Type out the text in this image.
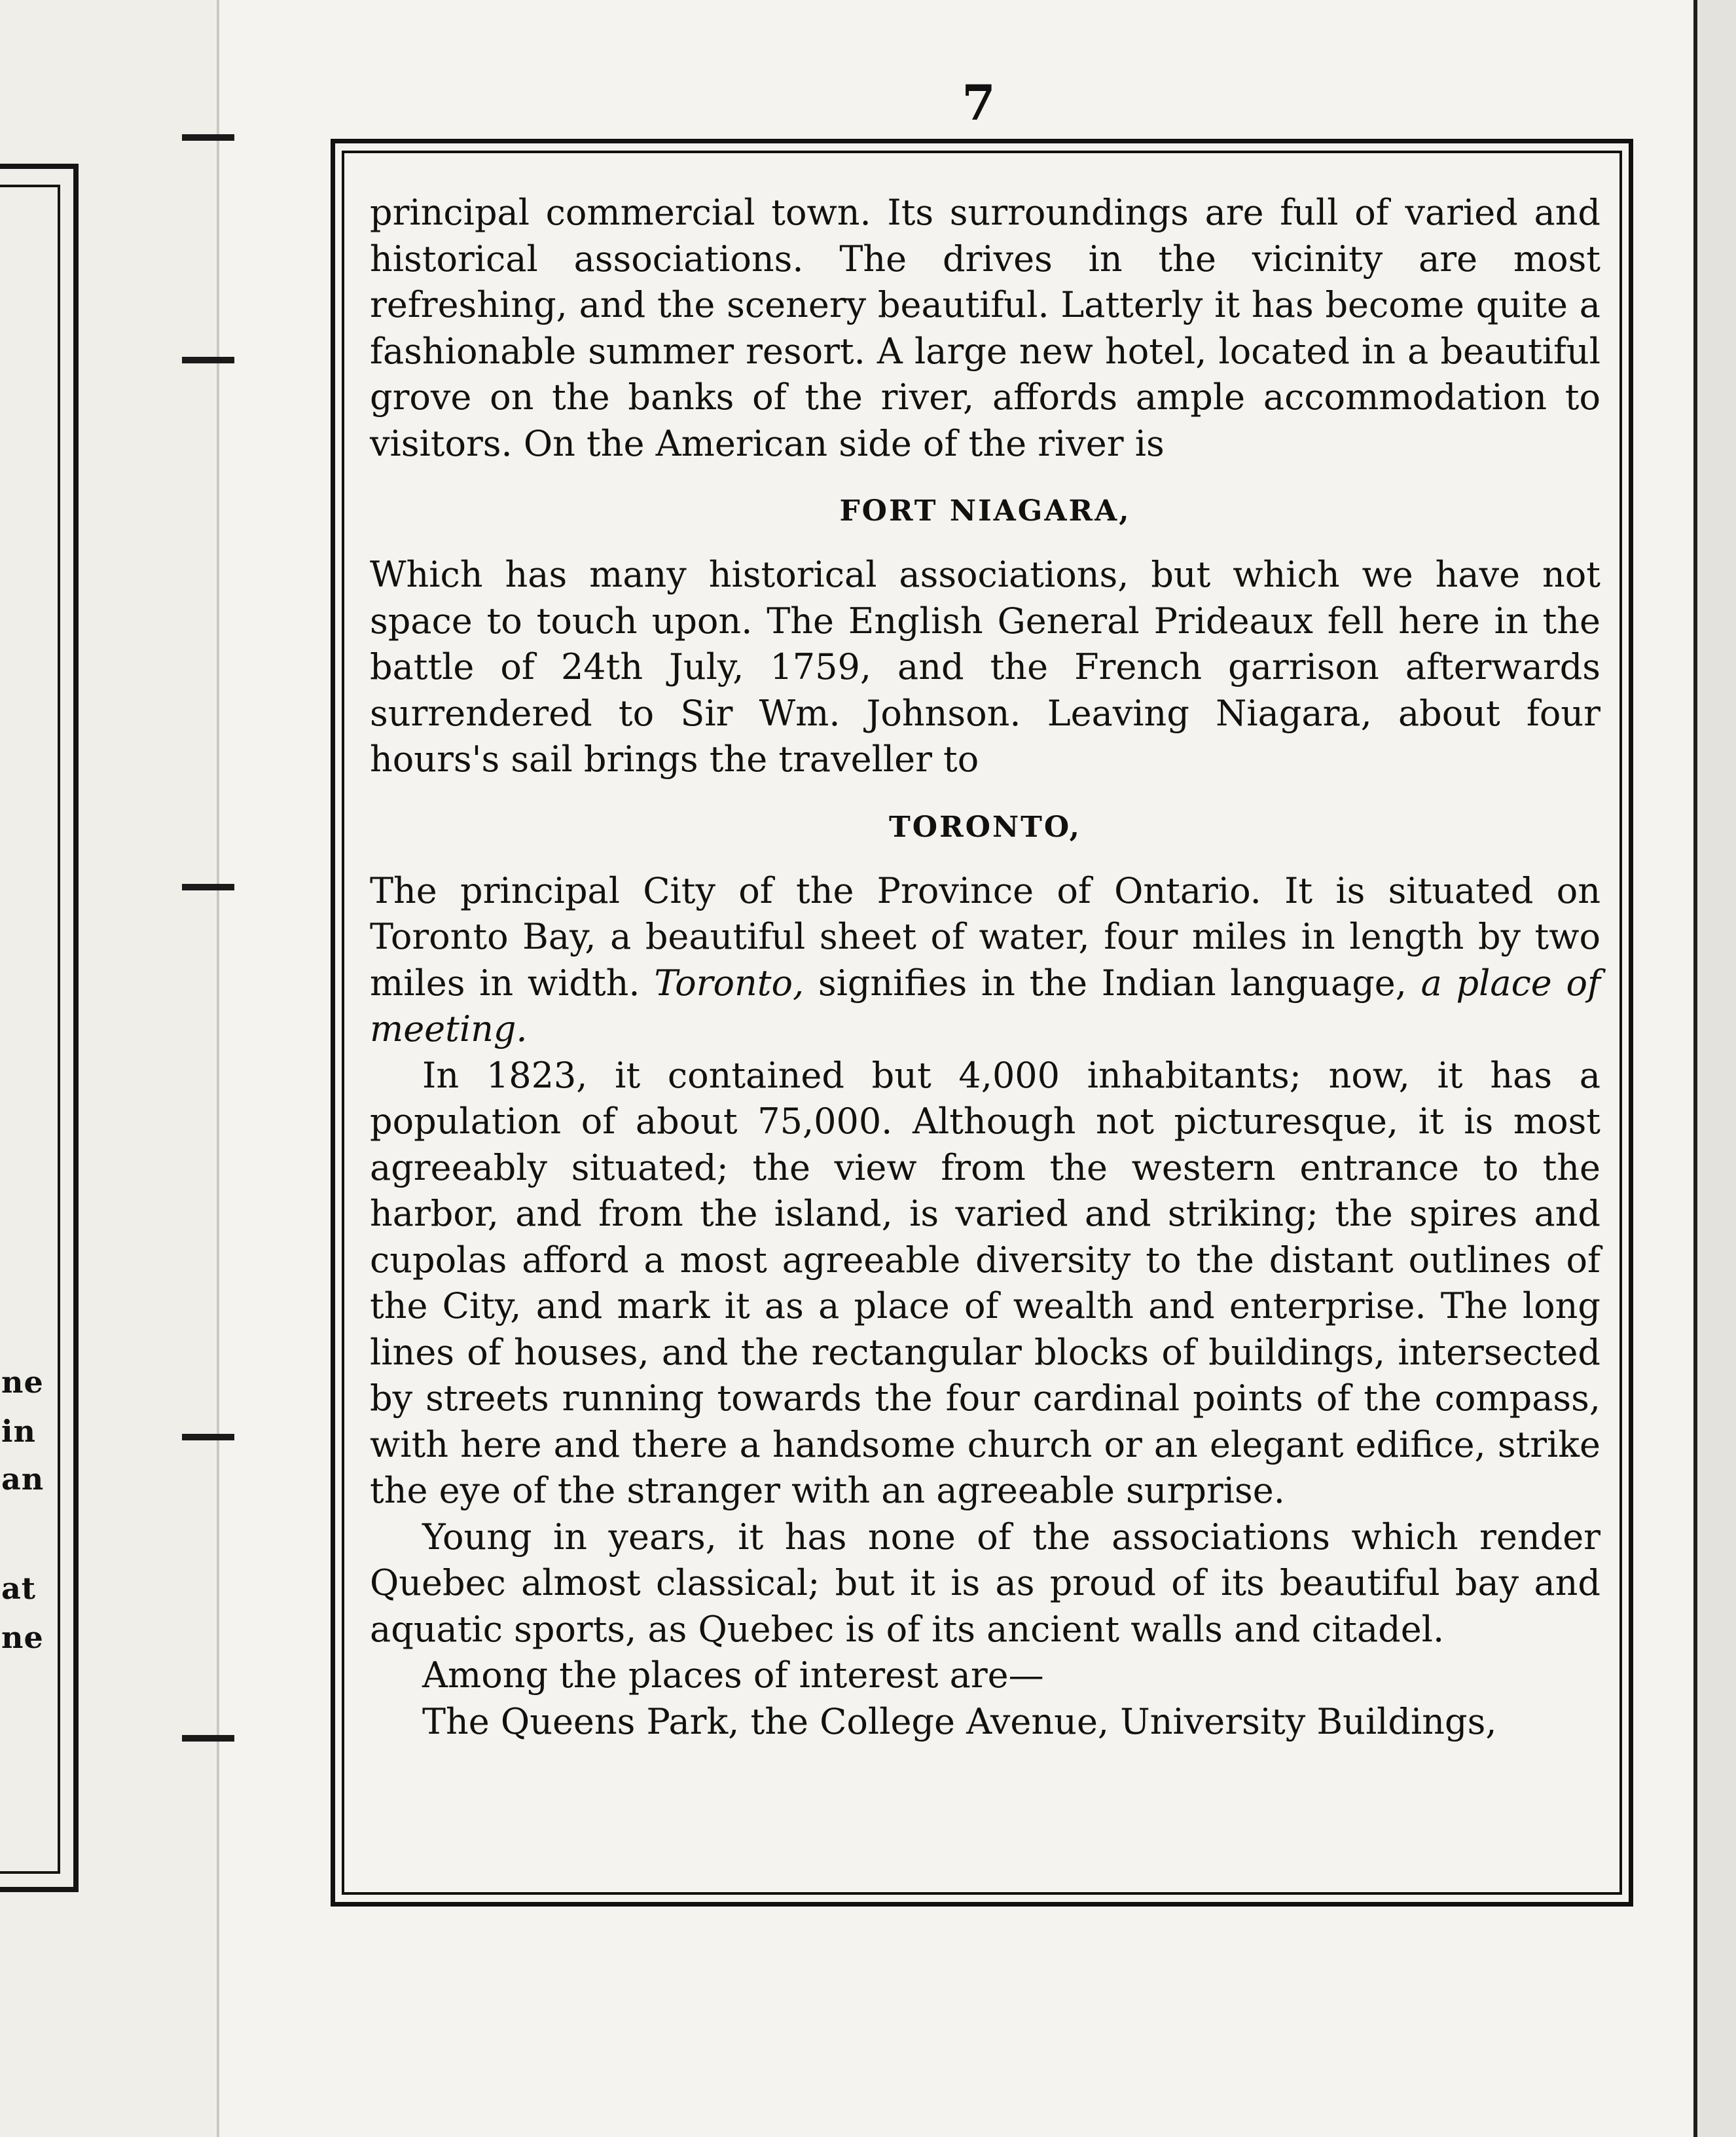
ne
in
an
at
ne
7

principal commercial town. Its surroundings are full of varied and historical associations. The drives in the vicinity are most refreshing, and the scenery beautiful. Latterly it has become quite a fashionable summer resort. A large new hotel, located in a beautiful grove on the banks of the river, affords ample accommodation to visitors. On the American side of the river is

FORT NIAGARA,

Which has many historical associations, but which we have not space to touch upon. The English General Prideaux fell here in the battle of 24th July, 1759, and the French garrison afterwards surrendered to Sir Wm. Johnson. Leaving Niagara, about four hours's sail brings the traveller to

TORONTO,

The principal City of the Province of Ontario. It is situated on Toronto Bay, a beautiful sheet of water, four miles in length by two miles in width. Toronto, signifies in the Indian language, a place of meeting.

In 1823, it contained but 4,000 inhabitants; now, it has a population of about 75,000. Although not picturesque, it is most agreeably situated; the view from the western entrance to the harbor, and from the island, is varied and striking; the spires and cupolas afford a most agreeable diversity to the distant outlines of the City, and mark it as a place of wealth and enterprise. The long lines of houses, and the rectangular blocks of buildings, intersected by streets running towards the four cardinal points of the compass, with here and there a handsome church or an elegant edifice, strike the eye of the stranger with an agreeable surprise.

Young in years, it has none of the associations which render Quebec almost classical; but it is as proud of its beautiful bay and aquatic sports, as Quebec is of its ancient walls and citadel.

Among the places of interest are—

The Queens Park, the College Avenue, University Buildings,
